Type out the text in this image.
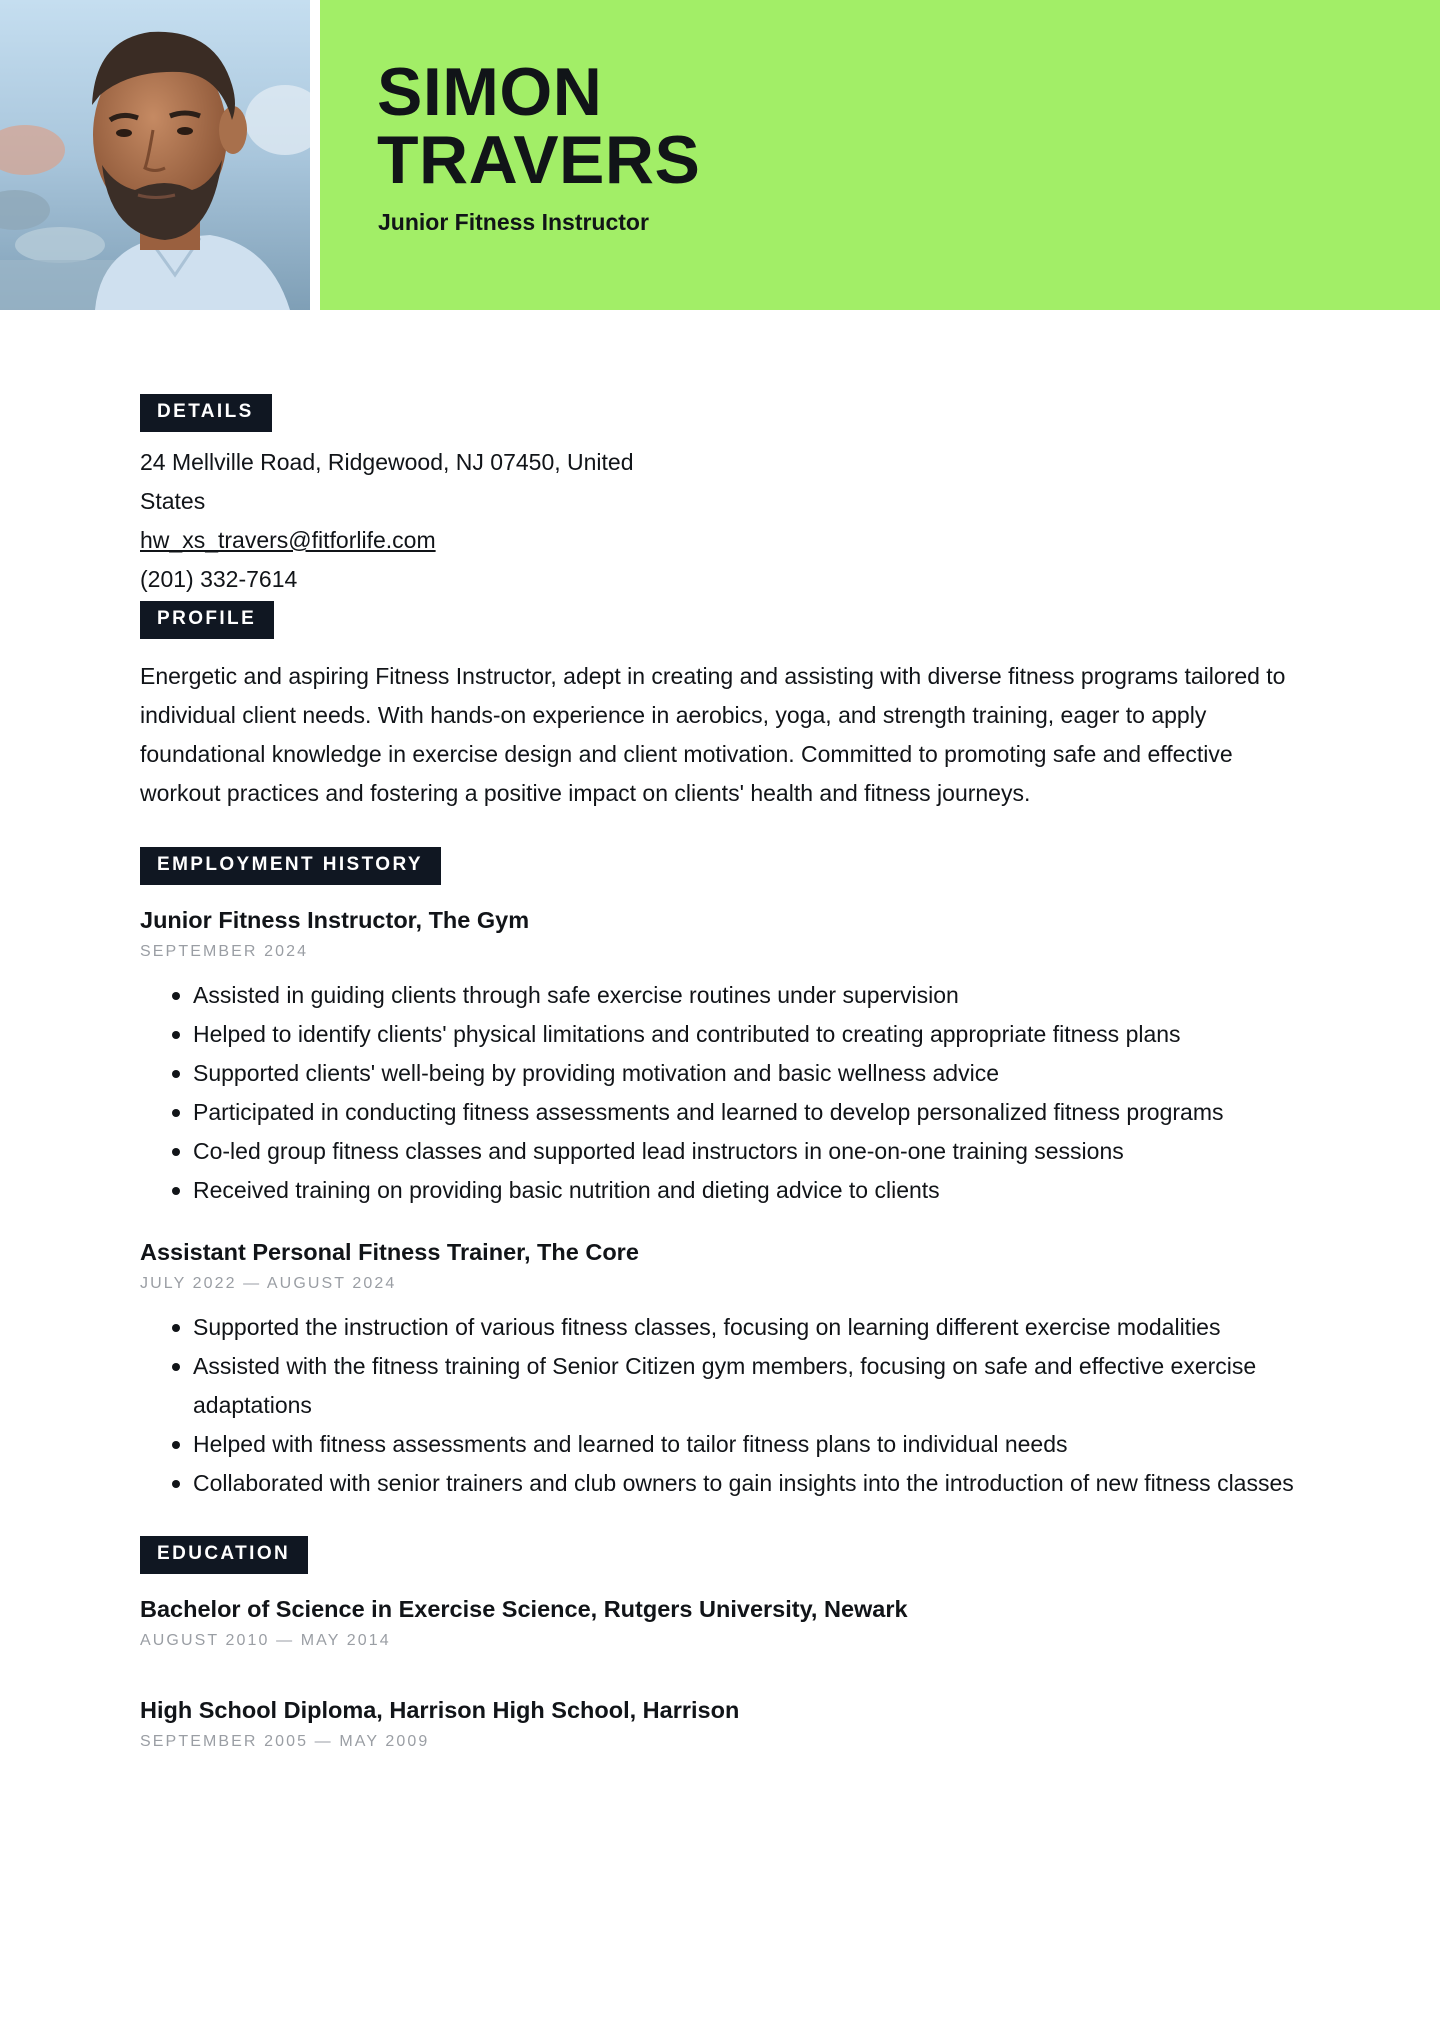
SIMON
TRAVERS
Junior Fitness Instructor
DETAILS
24 Mellville Road, Ridgewood, NJ 07450, United
States
hw_xs_travers@fitforlife.com
(201) 332-7614
PROFILE
Energetic and aspiring Fitness Instructor, adept in creating and assisting with diverse fitness programs tailored to individual client needs. With hands-on experience in aerobics, yoga, and strength training, eager to apply foundational knowledge in exercise design and client motivation. Committed to promoting safe and effective workout practices and fostering a positive impact on clients' health and fitness journeys.
EMPLOYMENT HISTORY
Junior Fitness Instructor, The Gym
SEPTEMBER 2024
Assisted in guiding clients through safe exercise routines under supervision
Helped to identify clients' physical limitations and contributed to creating appropriate fitness plans
Supported clients' well-being by providing motivation and basic wellness advice
Participated in conducting fitness assessments and learned to develop personalized fitness programs
Co-led group fitness classes and supported lead instructors in one-on-one training sessions
Received training on providing basic nutrition and dieting advice to clients
Assistant Personal Fitness Trainer, The Core
JULY 2022 — AUGUST 2024
Supported the instruction of various fitness classes, focusing on learning different exercise modalities
Assisted with the fitness training of Senior Citizen gym members, focusing on safe and effective exercise adaptations
Helped with fitness assessments and learned to tailor fitness plans to individual needs
Collaborated with senior trainers and club owners to gain insights into the introduction of new fitness classes
EDUCATION
Bachelor of Science in Exercise Science, Rutgers University, Newark
AUGUST 2010 — MAY 2014
High School Diploma, Harrison High School, Harrison
SEPTEMBER 2005 — MAY 2009
